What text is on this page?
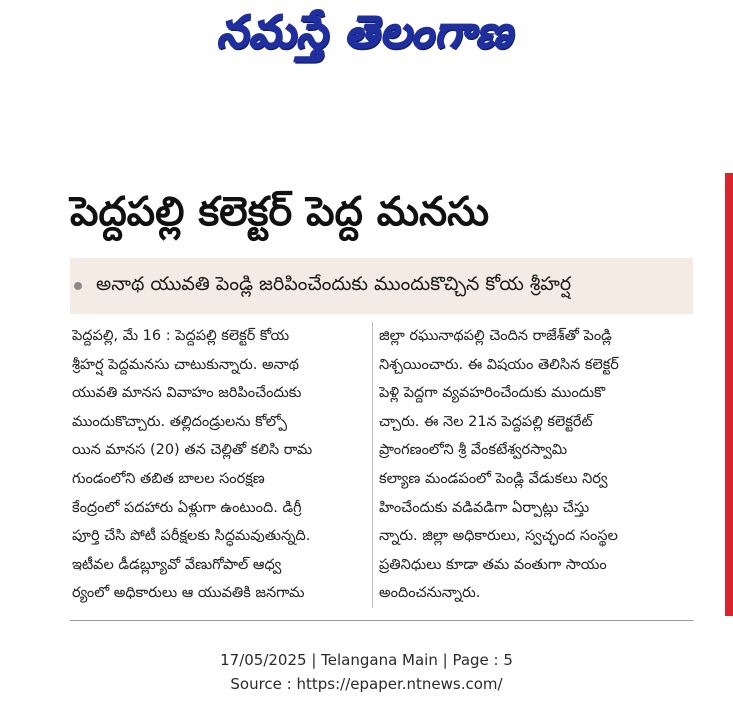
నమస్తే తెలంగాణ
పెద్దపల్లి కలెక్టర్ పెద్ద మనసు
అనాథ యువతి పెండ్లి జరిపించేందుకు ముందుకొచ్చిన కోయ శ్రీహర్ష
పెద్దపల్లి, మే 16 : పెద్దపల్లి కలెక్టర్ కోయ
శ్రీహర్ష పెద్దమనసు చాటుకున్నారు. అనాథ
యువతి మానస వివాహం జరిపించేందుకు
ముందుకొచ్చారు. తల్లిదండ్రులను కోల్పో
యిన మానస (20) తన చెల్లితో కలిసి రామ
గుండంలోని తబిత బాలల సంరక్షణ
కేంద్రంలో పదహారు ఏళ్లుగా ఉంటుంది. డిగ్రీ
పూర్తి చేసి పోటీ పరీక్షలకు సిద్ధమవుతున్నది.
ఇటీవల డీడబ్ల్యూవో వేణుగోపాల్ ఆధ్వ
ర్యంలో అధికారులు ఆ యువతికి జనగామ
జిల్లా రఘునాథపల్లి చెందిన రాజేశ్‌తో పెండ్లి
నిశ్చయించారు. ఈ విషయం తెలిసిన కలెక్టర్
పెళ్లి పెద్దగా వ్యవహరించేందుకు ముందుకొ
చ్చారు. ఈ నెల 21న పెద్దపల్లి కలెక్టరేట్
ప్రాంగణంలోని శ్రీ వేంకటేశ్వరస్వామి
కల్యాణ మండపంలో పెండ్లి వేడుకలు నిర్వ
హించేందుకు వడివడిగా ఏర్పాట్లు చేస్తు
న్నారు. జిల్లా అధికారులు, స్వచ్ఛంద సంస్థల
ప్రతినిధులు కూడా తమ వంతుగా సాయం
అందించనున్నారు.
17/05/2025 | Telangana Main | Page : 5
Source : https://epaper.ntnews.com/
